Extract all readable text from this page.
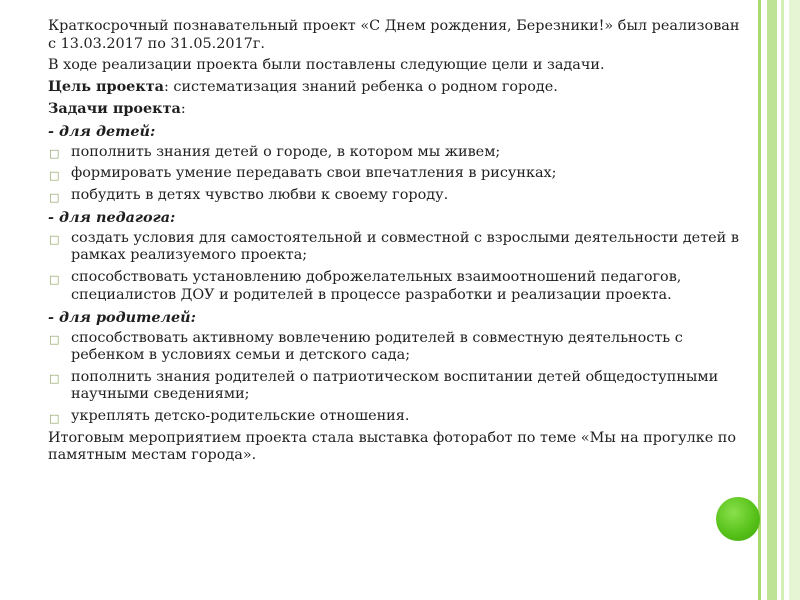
Краткосрочный познавательный проект «С Днем рождения, Березники!» был реализован с 13.03.2017 по 31.05.2017г.

В ходе реализации проекта были поставлены следующие цели и задачи.

Цель проекта: систематизация знаний ребенка о родном городе.

Задачи проекта:

- для детей:

□ пополнить знания детей о городе, в котором мы живем;
□ формировать умение передавать свои впечатления в рисунках;
□ побудить в детях чувство любви к своему городу.

- для педагога:

□ создать условия для самостоятельной и совместной с взрослыми деятельности детей в рамках реализуемого проекта;
□ способствовать установлению доброжелательных взаимоотношений педагогов, специалистов ДОУ и родителей в процессе разработки и реализации проекта.

- для родителей:

□ способствовать активному вовлечению родителей в совместную деятельность с ребенком в условиях семьи и детского сада;
□ пополнить знания родителей о патриотическом воспитании детей общедоступными научными сведениями;
□ укреплять детско-родительские отношения.

Итоговым мероприятием проекта стала выставка фоторабот по теме «Мы на прогулке по памятным местам города».
